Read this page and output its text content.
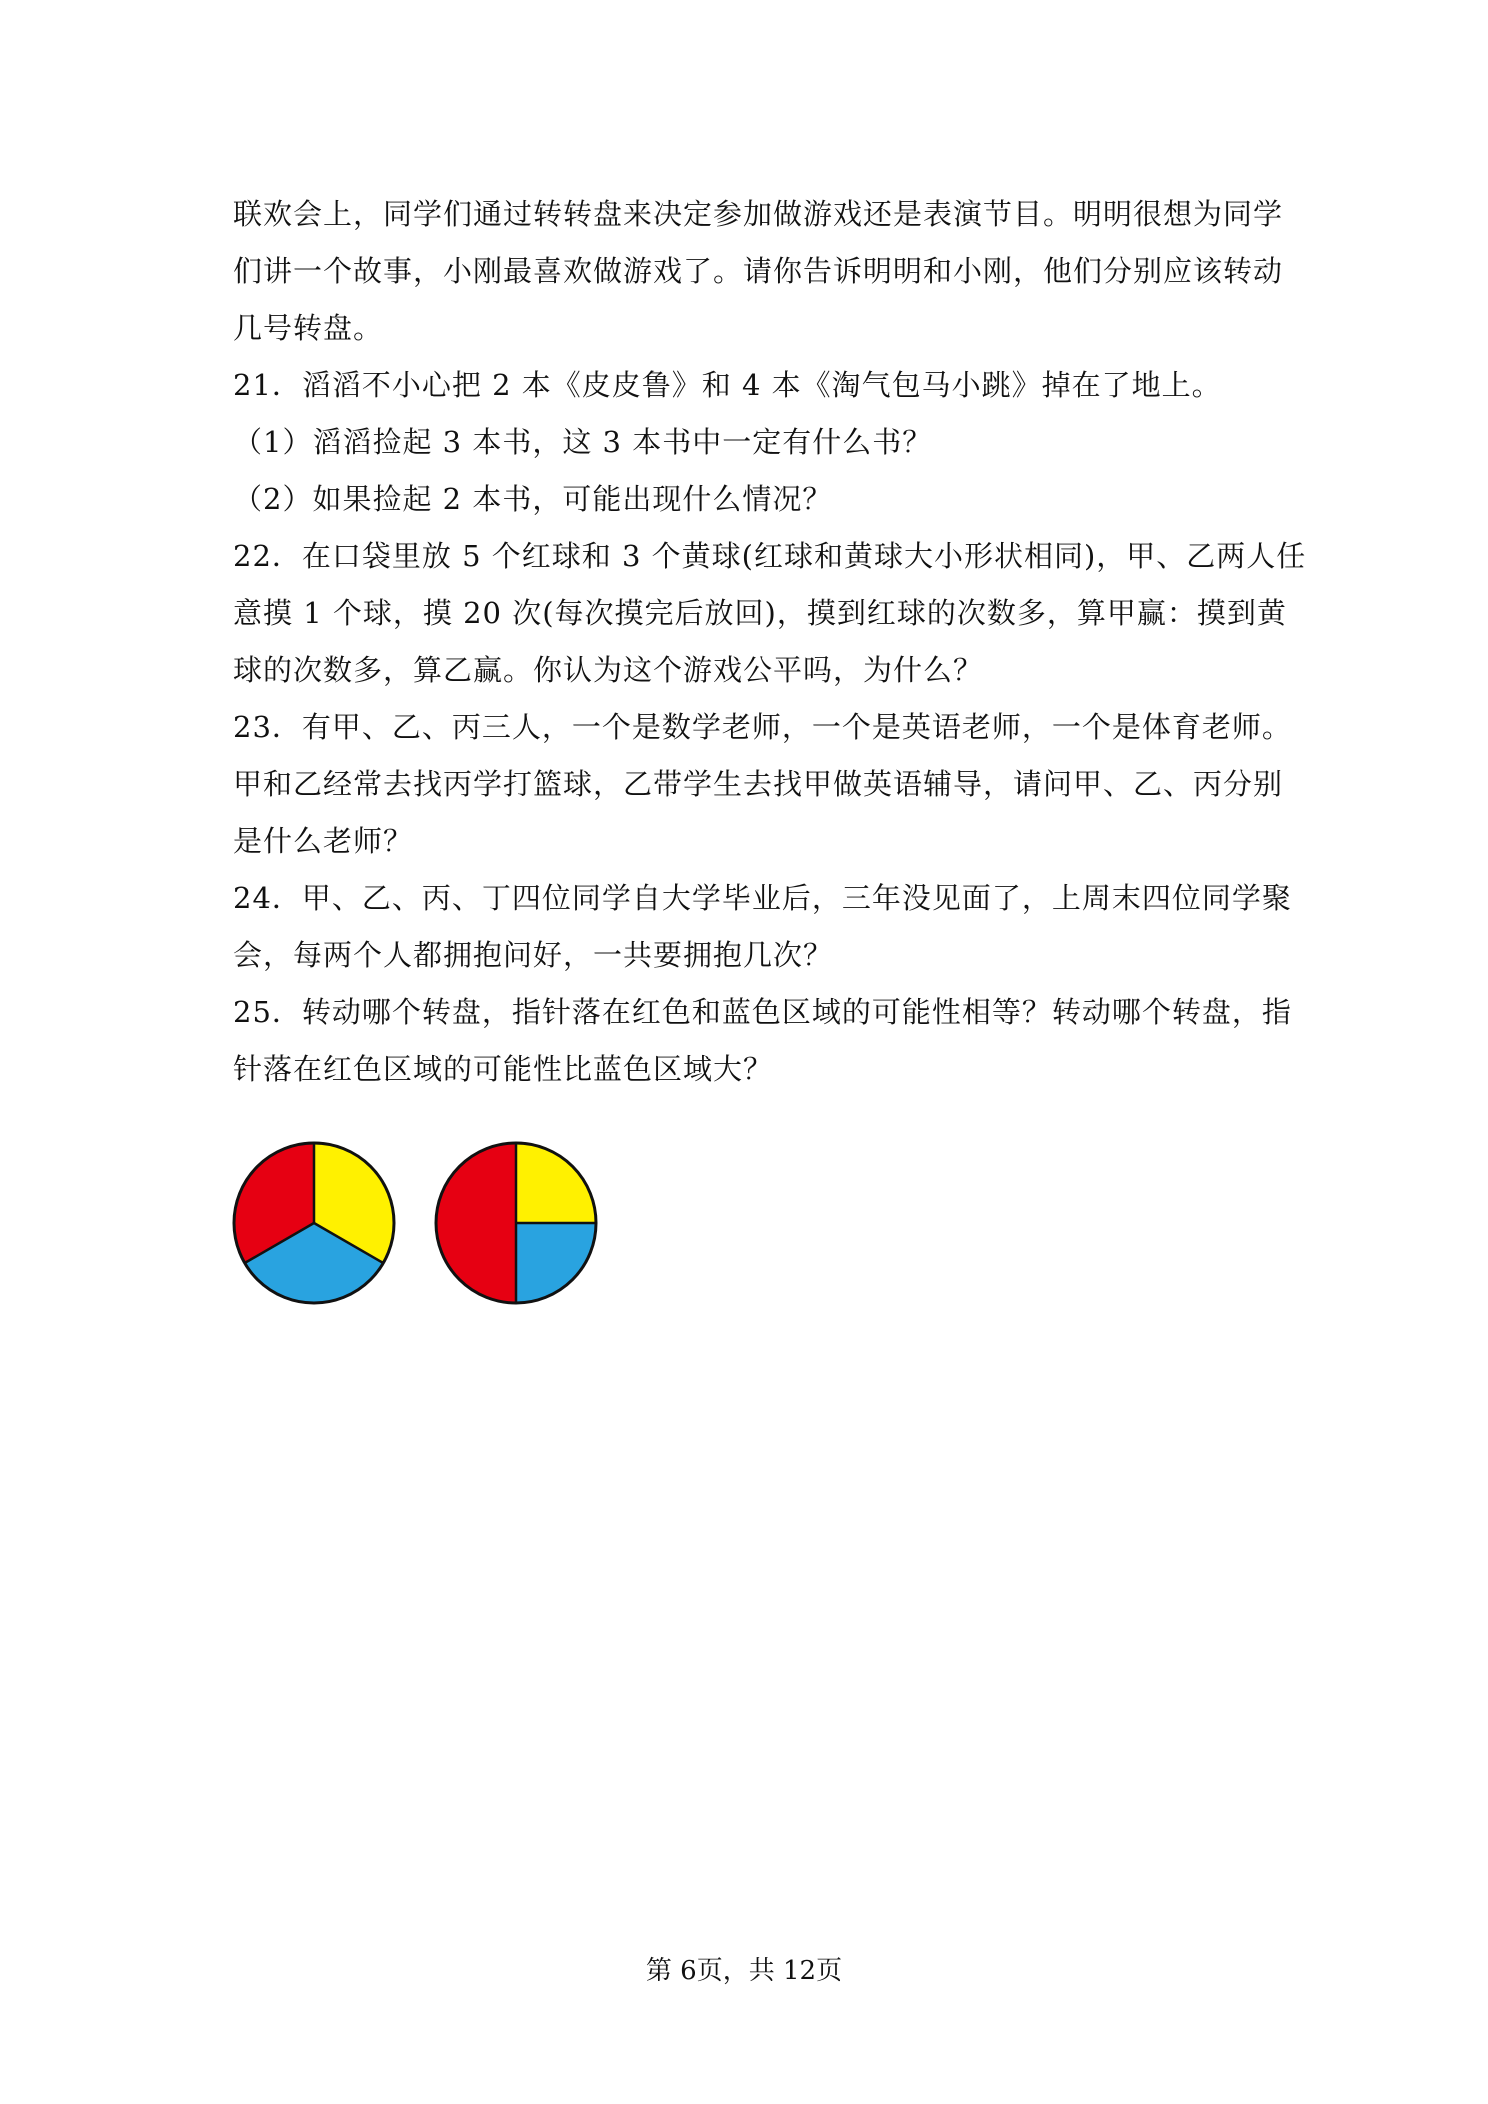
联欢会上，同学们通过转转盘来决定参加做游戏还是表演节目。明明很想为同学
们讲一个故事，小刚最喜欢做游戏了。请你告诉明明和小刚，他们分别应该转动
几号转盘。
21．滔滔不小心把 2 本《皮皮鲁》和 4 本《淘气包马小跳》掉在了地上。
（1）滔滔捡起 3 本书，这 3 本书中一定有什么书？
（2）如果捡起 2 本书，可能出现什么情况？
22．在口袋里放 5 个红球和 3 个黄球(红球和黄球大小形状相同)，甲、乙两人任
意摸 1 个球，摸 20 次(每次摸完后放回)，摸到红球的次数多，算甲赢：摸到黄
球的次数多，算乙赢。你认为这个游戏公平吗，为什么？
23．有甲、乙、丙三人，一个是数学老师，一个是英语老师，一个是体育老师。
甲和乙经常去找丙学打篮球，乙带学生去找甲做英语辅导，请问甲、乙、丙分别
是什么老师？
24．甲、乙、丙、丁四位同学自大学毕业后，三年没见面了，上周末四位同学聚
会，每两个人都拥抱问好，一共要拥抱几次？
25．转动哪个转盘，指针落在红色和蓝色区域的可能性相等？转动哪个转盘，指
针落在红色区域的可能性比蓝色区域大？
第 6页，共 12页
